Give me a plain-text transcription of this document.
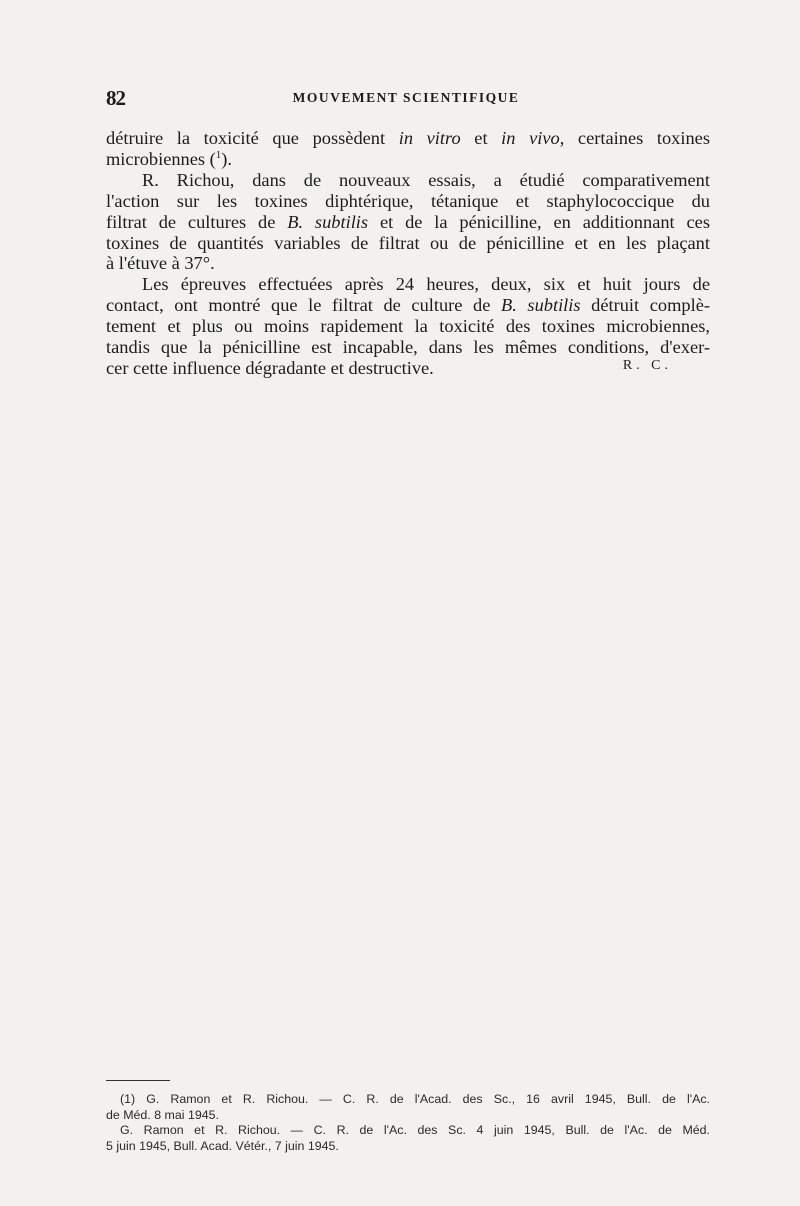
82	MOUVEMENT SCIENTIFIQUE

détruire la toxicité que possèdent in vitro et in vivo, certaines toxines
microbiennes ($^1$).

R. Richou, dans de nouveaux essais, a étudié comparativement
l'action sur les toxines diphtérique, tétanique et staphylococcique du
filtrat de cultures de B. subtilis et de la pénicilline, en additionnant ces
toxines de quantités variables de filtrat ou de pénicilline et en les plaçant
à l'étuve à 37°.

Les épreuves effectuées après 24 heures, deux, six et huit jours de
contact, ont montré que le filtrat de culture de B. subtilis détruit complè-
tement et plus ou moins rapidement la toxicité des toxines microbiennes,
tandis que la pénicilline est incapable, dans les mêmes conditions, d'exer-
cer cette influence dégradante et destructive.	R. C.
(1) G. Ramon et R. Richou. — C. R. de l'Acad. des Sc., 16 avril 1945, Bull. de l'Ac.
de Méd. 8 mai 1945.
G. Ramon et R. Richou. — C. R. de l'Ac. des Sc. 4 juin 1945, Bull. de l'Ac. de Méd.
5 juin 1945, Bull. Acad. Vétér., 7 juin 1945.
